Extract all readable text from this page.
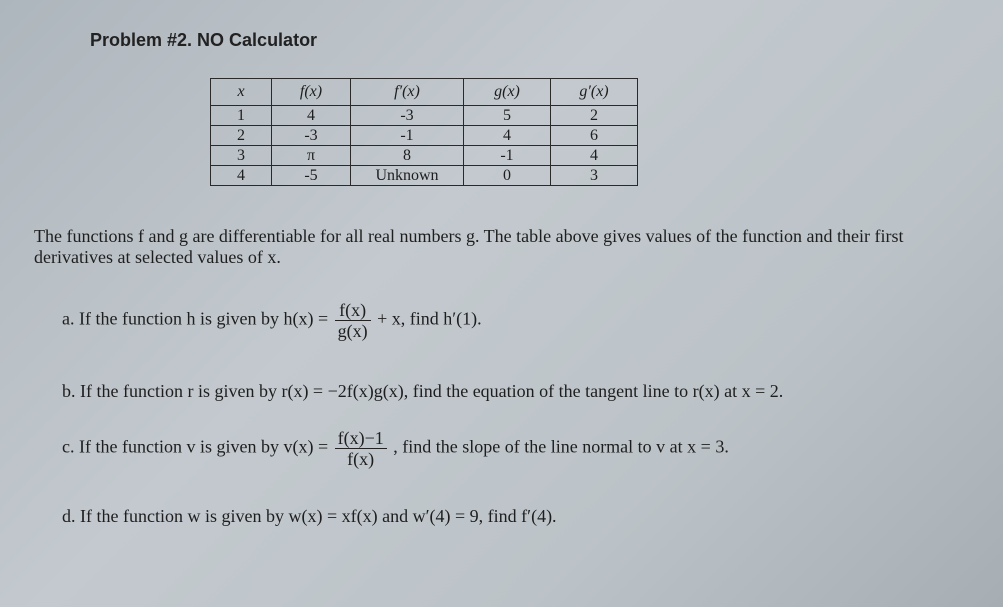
Problem #2. NO Calculator
x	f(x)	f′(x)	g(x)	g′(x)
1	4	-3	5	2
2	-3	-1	4	6
3	π	8	-1	4
4	-5	Unknown	0	3
The functions f and g are differentiable for all real numbers g. The table above gives values of the function and their first derivatives at selected values of x.
a. If the function h is given by $h(x) = \frac{f(x)}{g(x)} + x$, find h′(1).
b. If the function r is given by r(x) = −2f(x)g(x), find the equation of the tangent line to r(x) at x = 2.
c. If the function v is given by $v(x) = \frac{f(x)-1}{f(x)}$ , find the slope of the line normal to v at x = 3.
d. If the function w is given by w(x) = xf(x) and w′(4) = 9, find f′(4).
